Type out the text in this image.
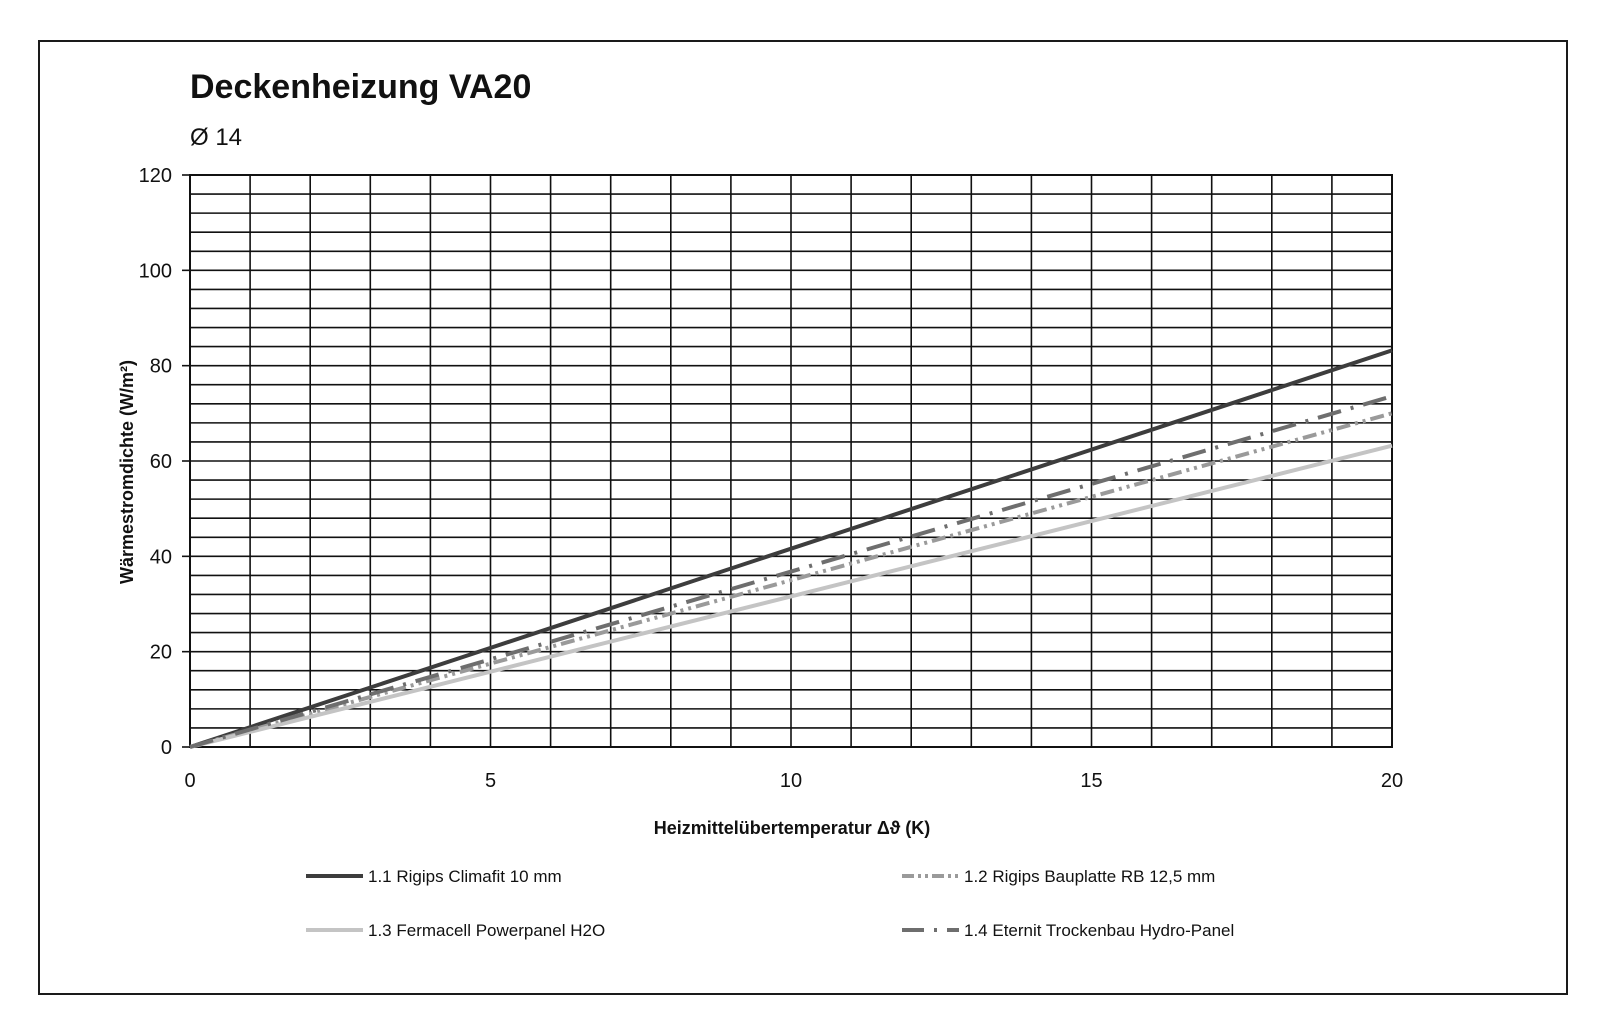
Deckenheizung VA20
Ø 14
0	5	10	15	20
0
20
40
60
80
100
120
Heizmittelübertemperatur Δϑ (K)
Wärmestromdichte (W/m²)
1.1 Rigips Climafit 10 mm	1.2 Rigips Bauplatte RB 12,5 mm
1.3 Fermacell Powerpanel H2O	1.4 Eternit Trockenbau Hydro-Panel
